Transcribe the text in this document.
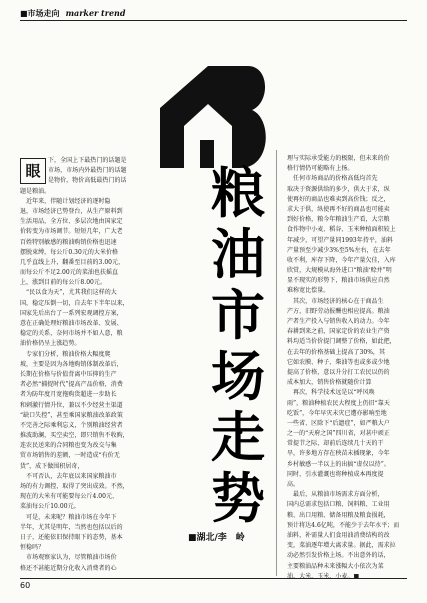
■市场走向 marker trend
眼
下，全国上下最热门的话题是
市场，市场内外最热门的话题
是物价，物价高低最热门的话
题是粮油。
　近年来，伴随计划经济的逐时隐
退，市场经济已势登台，从生产原料到
生活用品，全方位、多层次地由国家定
价转变为市场调节。短短几年，广大老
百姓特别敏感的粮油购销价格也迅速
摆脱束缚，每公斤0.30元的大米价格
几乎直线上升，翻番至目前的3.00元，
而每公斤不足2.00元的菜油也扶摇直
上，涨到目前的每公斤8.00元。
　“民以食为天”，尤其我们这样的大
国，稳定压倒一切，自去年下半年以来，
国家先后出台了一系列宏观调控方案，
意在正确处理好粮油市场改革、发展、
稳定的关系，奈何市场并不如人意，粮
油价格仍呈上涨趋势。
　专家们分析，粮油价格大幅度爬
坡，主要是因为各地购销体制改革后，
长期在价格与价值背离中压抑的生产
者必然“捕捉时代”提高产品价格，消费
者为防年度月宽拖购货超进一步助长
和刺激行情升位，兼以不少经营主渠道
“缺口失控”，甚至乘国家粮油改革政策
不完善之际乘利忘义，个别粮油经营者
推波助澜，买空卖空，即只销售不收购，
连农民送来的合同粮也变为改交与集
贸市场销售的差额，一时造成“有价无
货”，成下做围积居奇，
　不可否认，去年底以来国家粮油市
场的有力调控，取得了突出成效。不然，
现在的大米有可能要每公斤4.00元、
菜油每公斤10.00元。
　可是，未来呢？粮油市场在今年下
半年，尤其是明年，当然也包括以后的
日子，还能依旧保持眼下的态势，基本
恒稳吗？
　市场观察家认为，尽管粮油市场价
格还不甚能近期分化收入消费者的心
理与实际承受能力的极限，但未来的价
格行情仍可能略有上扬。
　任何市场商品的价格高低均首先
取决于资源供给的多少，供大于求，纵
使再好的商品也难卖到高价钱；反之，
求大于供，纵使再不好的商品也可能卖
到好价格，粮今年粮油生产看，大宗粮
食作物中小麦、稻谷、玉米种植面积较上
年减少，可望产量同1993年持平，油料
产量预至少减少3%至5%左右，在去年
收不利，库存下降，今年产量欠佳，入库
欣赏，大规模从海外进口“粮油‘赊并”明
显不现实的形势下，粮油市场供应自然
难称宽比偿量。
　其次，市场经济的核心在于商品生
产方，旧野劳动报酬也相应提高。粮油
产者生产投入与销售收入的动力。今年
春耕到来之前，国家定价的农业生产资
料均适当价价提门调整了价格，如此把，
在去年的价格基础上提高了30%，其
它如农膜、种子、柴油等也或多或少地
提高了价格，意以升分打工农民以仍的
成本加大，销售价格就随价计算
　再次，科学技术远是以“呼风唤
雨”，粮油种植农民大程度上仍旧“靠天
吃饭”，今年早灾未灾已遭亦影响至地
一些省、区除下“后遗症”，如严粮大户
之一的“天府之国”四川省，对甚中顽正
常提节之际，却前后连续几十天的干
旱，许多地方存在秧苗未插现象，今年
乡村敏感一半以上的出搞“虚仅以待”。
同时，引水灌溉也将种植成本再度提
高。
　最后，从粮油市场需求方面分析，
国内总需求包括口粮、饲料粮、工业用
粮、出口用粮、储备用粮及粮食损耗，
预计将达4.6亿吨，不能少于去年水平；而
油料，补需量人们食用油消费结构的改
变，菜油逐年增大离求量。据此，需求拉
动必然引发价格上场。不出意外的话，
主要粮油品种未来涨幅大小依次为菜
油、大米、玉米、小麦。■
粮
油
市
场
走
势
■湖北/李　岭
60
